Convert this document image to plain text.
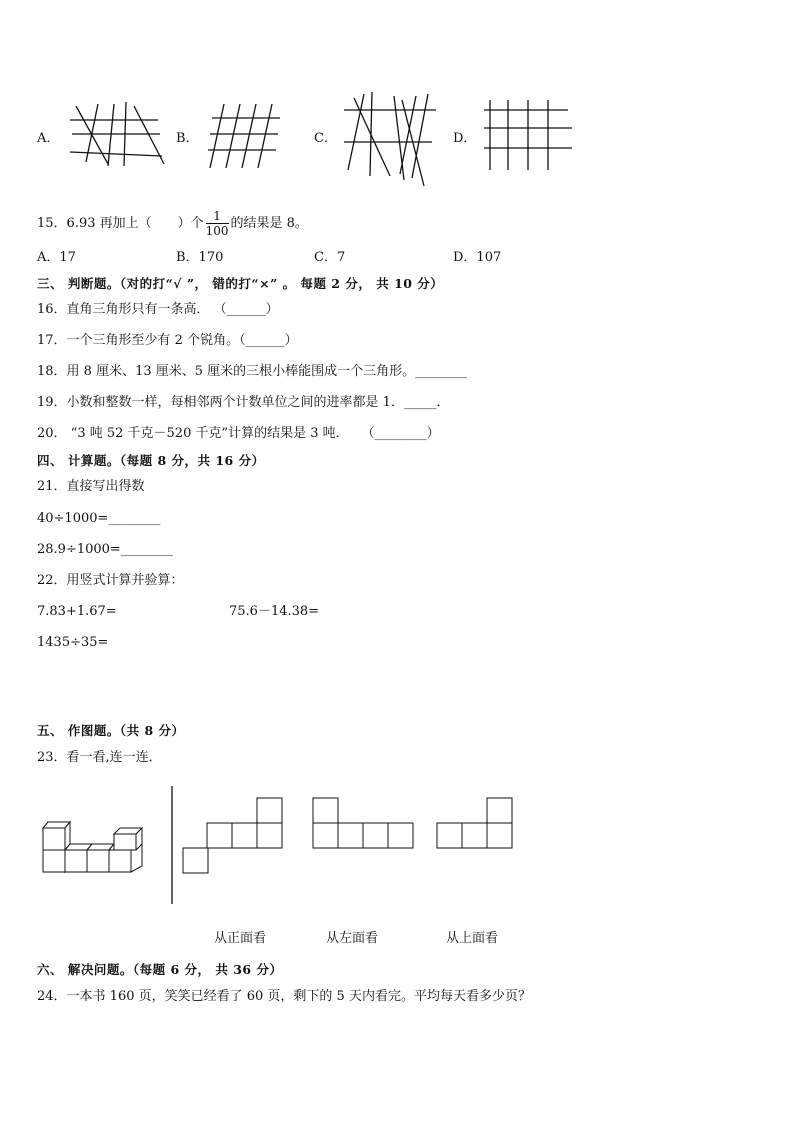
A．	B．	C．	D．
15．6.93 再加上（　　）个 $\frac{1}{100}$ 的结果是 8。
A．17	B．170	C．7	D．107
三、 判断题。（对的打“√ ”， 错的打“×” 。 每题 2 分， 共 10 分）
16．直角三角形只有一条高． （______）
17．一个三角形至少有 2 个锐角。（______）
18．用 8 厘米、13 厘米、5 厘米的三根小棒能围成一个三角形。________
19．小数和整数一样，每相邻两个计数单位之间的进率都是 1．_____．
20． “3 吨 52 千克－520 千克”计算的结果是 3 吨．　　（________）
四、 计算题。（每题 8 分，共 16 分）
21．直接写出得数
40÷1000=________
28.9÷1000=________
22．用竖式计算并验算：
7.83+1.67=	75.6－14.38=
1435÷35=
五、 作图题。（共 8 分）
23．看一看,连一连．
从正面看	从左面看	从上面看
六、 解决问题。（每题 6 分， 共 36 分）
24．一本书 160 页，笑笑已经看了 60 页，剩下的 5 天内看完。平均每天看多少页？
